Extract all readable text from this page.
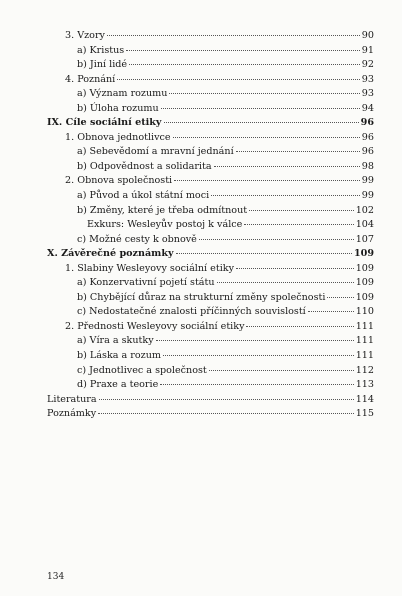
3. Vzory	90
a) Kristus	91
b) Jiní lidé	92
4. Poznání	93
a) Význam rozumu	93
b) Úloha rozumu	94
IX. Cíle sociální etiky	96
1. Obnova jednotlivce	96
a) Sebevědomí a mravní jednání	96
b) Odpovědnost a solidarita	98
2. Obnova společnosti	99
a) Původ a úkol státní moci	99
b) Změny, které je třeba odmítnout	102
Exkurs: Wesleyův postoj k válce	104
c) Možné cesty k obnově	107
X. Závěrečné poznámky	109
1. Slabiny Wesleyovy sociální etiky	109
a) Konzervativní pojetí státu	109
b) Chybějící důraz na strukturní změny společnosti	109
c) Nedostatečné znalosti příčinných souvislostí	110
2. Přednosti Wesleyovy sociální etiky	111
a) Víra a skutky	111
b) Láska a rozum	111
c) Jednotlivec a společnost	112
d) Praxe a teorie	113
Literatura	114
Poznámky	115
134
